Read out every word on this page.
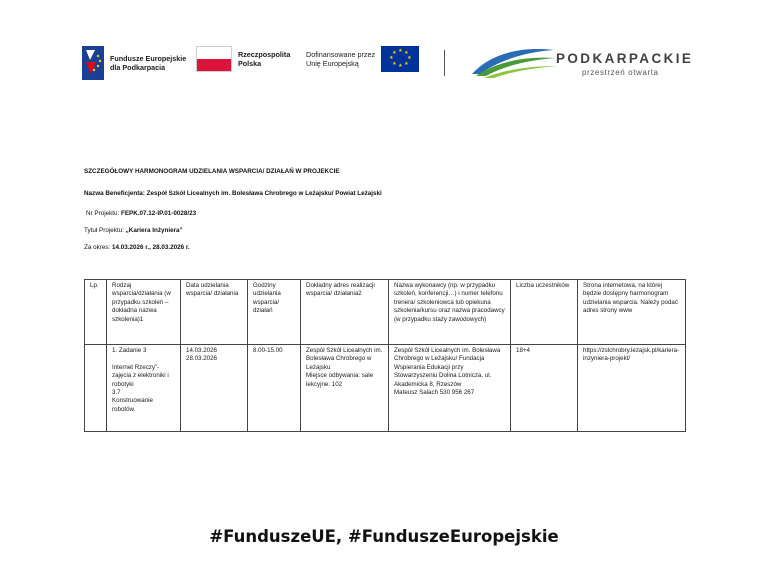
Fundusze Europejskie
dla Podkarpacia
Rzeczpospolita
Polska
Dofinansowane przez
Unię Europejską
★ ★
★
★
★
★
★
★	PODKARPACKIE
przestrzeń otwarta
SZCZEGÓŁOWY HARMONOGRAM UDZIELANIA WSPARCIA/ DZIAŁAŃ W PROJEKCIE
Nazwa Beneficjenta: Zespół Szkół Licealnych im. Bolesława Chrobrego w Leżajsku/ Powiat Leżajski
Nr Projektu: FEPK.07.12-IP.01-0028/23
Tytuł Projektu: „Kariera Inżyniera”
Za okres: 14.03.2026 r., 28.03.2026 r.
Lp.	Rodzaj wsparcia/działania (w przypadku szkoleń – dokładna nazwa szkolenia)1	Data udzielania wsparcia/ działania	Godziny udzielania wsparcia/ działań	Dokładny adres realizacji wsparcia/ działania2	Nazwa wykonawcy (np. w przypadku szkoleń, konferencji…) i numer telefonu trenera/ szkoleniowca lub opiekuna szkolenia/kursu oraz nazwa pracodawcy (w przypadku staży zawodowych)	Liczba uczestników	Strona internetowa, na której będzie dostępny harmonogram udzielania wsparcia. Należy podać adres strony www
	1. Zadanie 3

Internet Rzeczy”- zajęcia z elektroniki i robotyki
3.7
Konstruowanie robotów.	14.03.2026
28.03.2026	8.00-15.00	Zespół Szkół Licealnych im. Bolesława Chrobrego w Leżajsku
Miejsce odbywania: sale lekcyjne: 102	Zespół Szkół Licealnych im. Bolesława Chrobrego w Leżajsku/ Fundacja Wspierania Edukacji przy Stowarzyszeniu Dolina Lotnicza, ul. Akademicka 8, Rzeszów
Mateusz Salach 530 956 267	18+4	https://zslchrobry.lezajsk.pl/kariera-inzyniera-projekt/
#FunduszeUE, #FunduszeEuropejskie
